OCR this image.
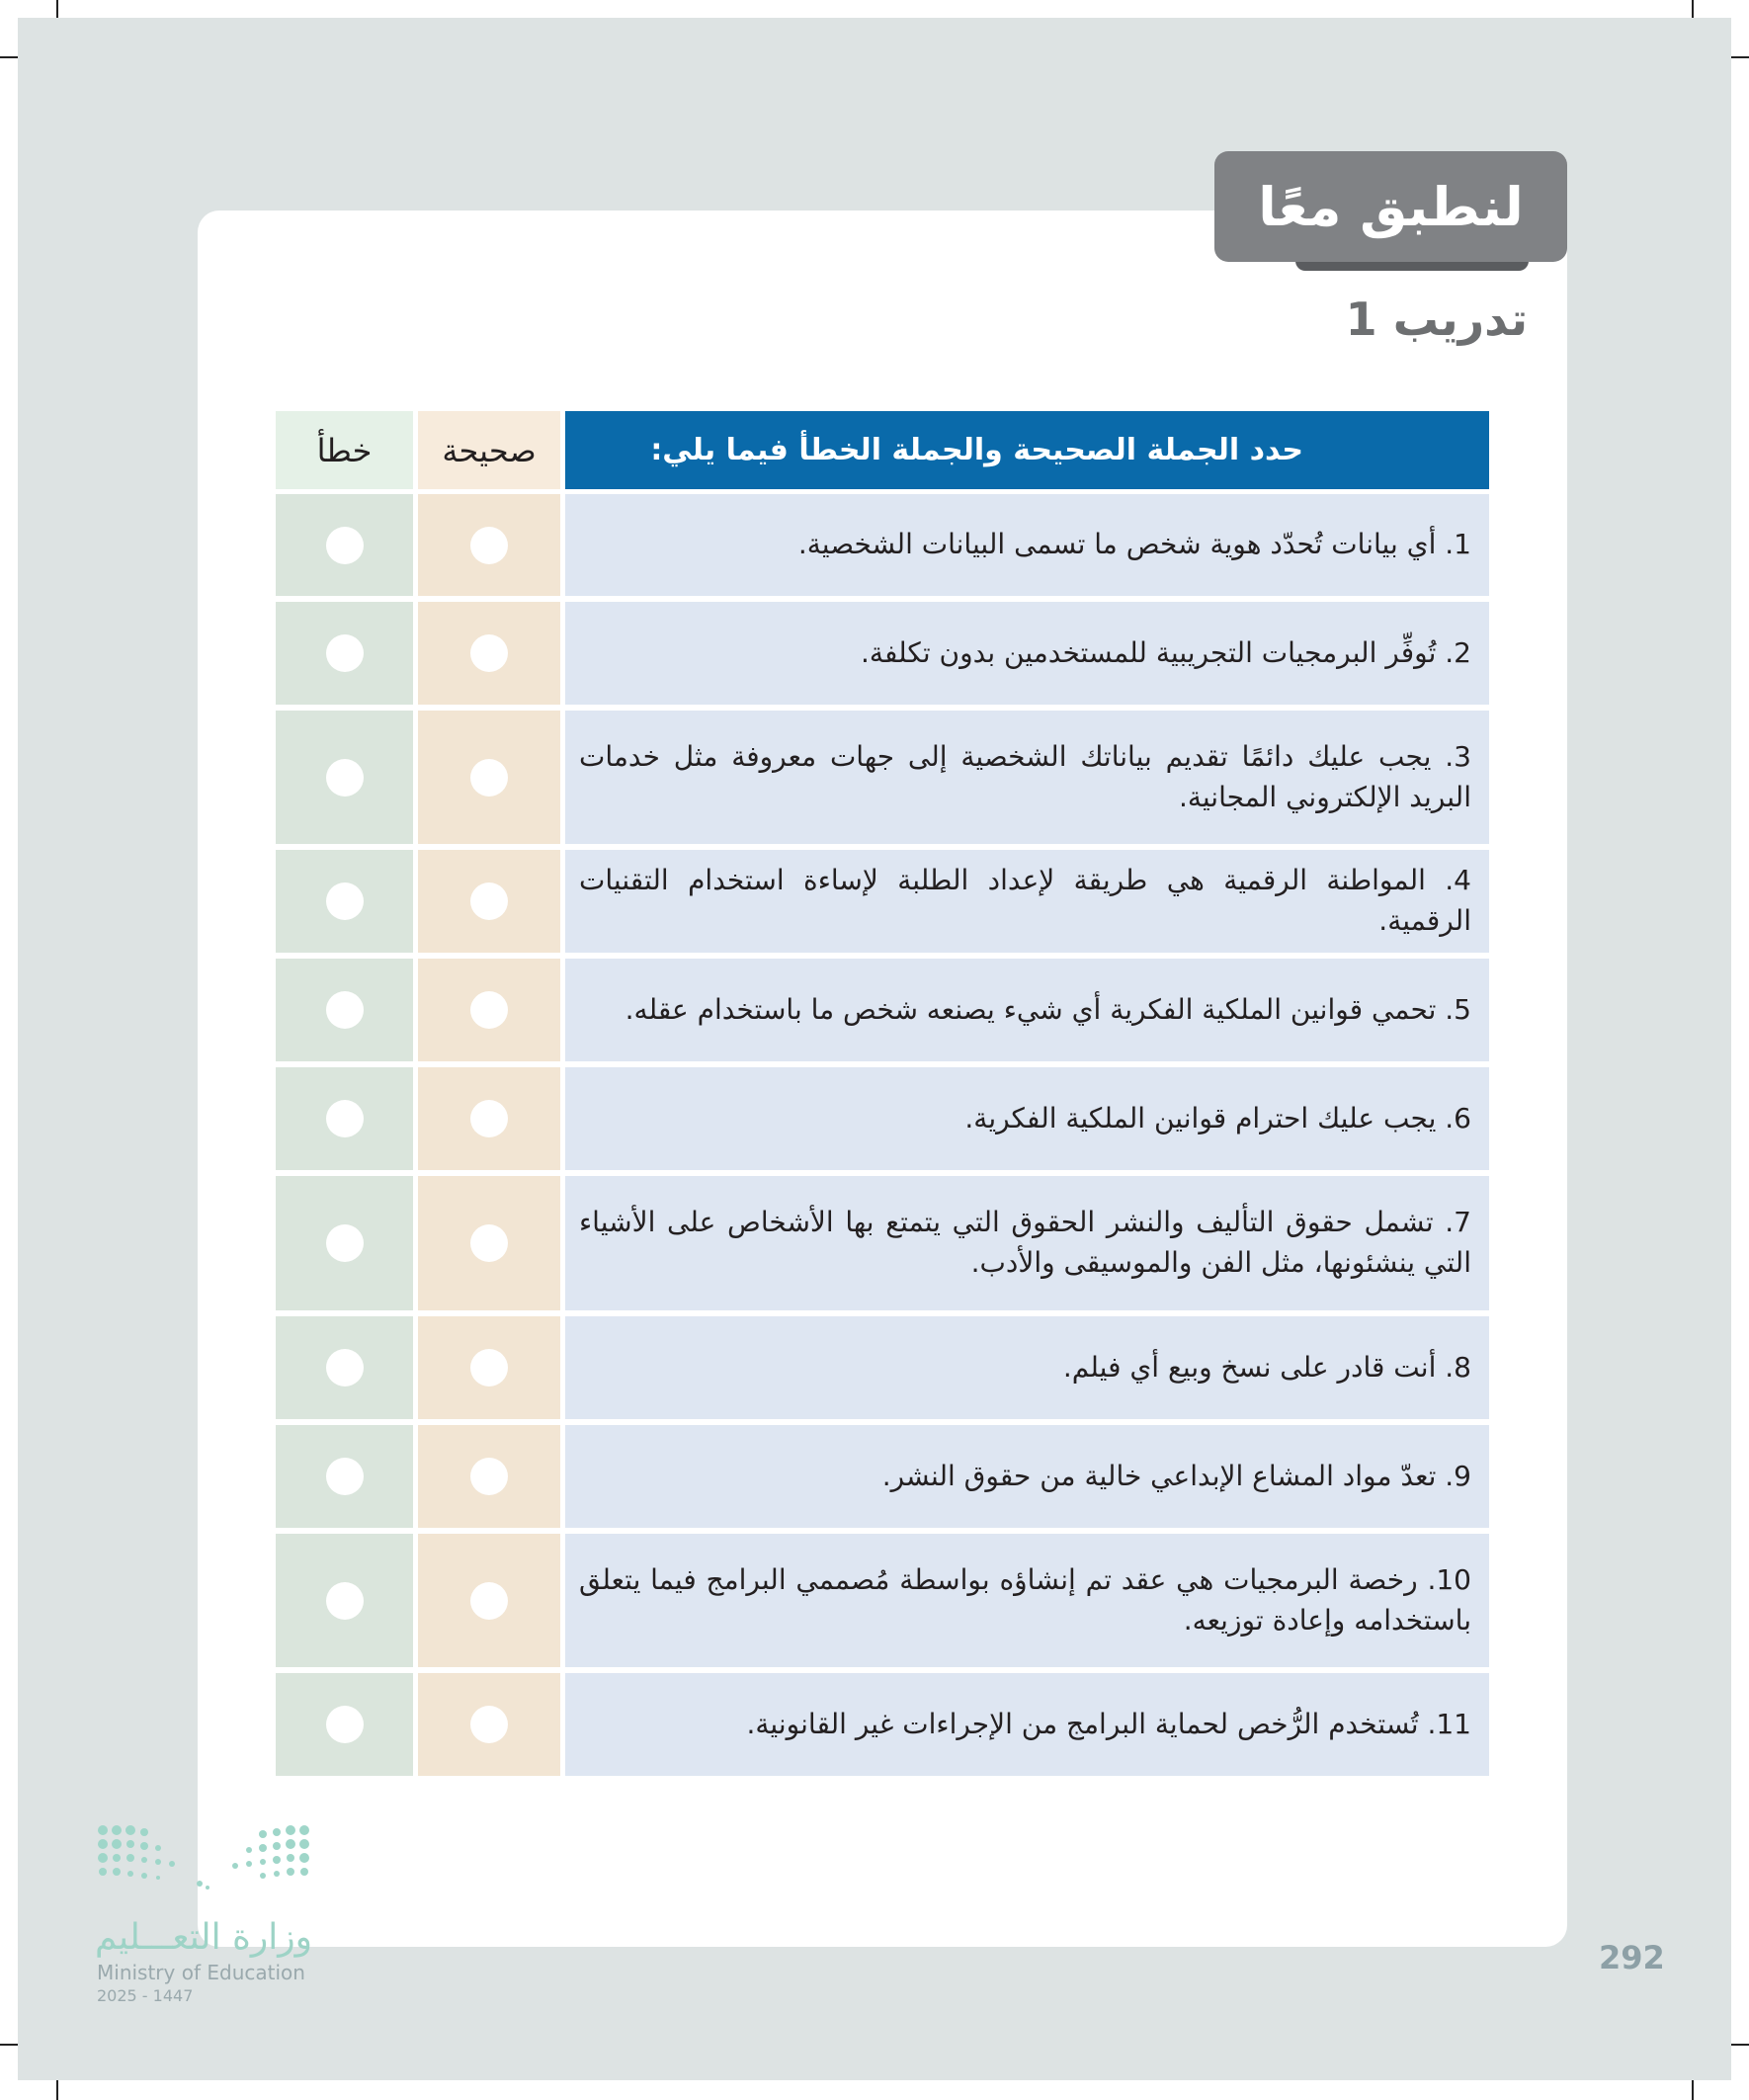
لنطبق معًا
تدريب 1
حدد الجملة الصحيحة والجملة الخطأ فيما يلي:
صحيحة
خطأ
1. أي بيانات تُحدّد هوية شخص ما تسمى البيانات الشخصية.
2. تُوفِّر البرمجيات التجريبية للمستخدمين بدون تكلفة.
3. يجب عليك دائمًا تقديم بياناتك الشخصية إلى جهات معروفة مثل خدمات البريد الإلكتروني المجانية.
4. المواطنة الرقمية هي طريقة لإعداد الطلبة لإساءة استخدام التقنيات الرقمية.
5. تحمي قوانين الملكية الفكرية أي شيء يصنعه شخص ما باستخدام عقله.
6. يجب عليك احترام قوانين الملكية الفكرية.
7. تشمل حقوق التأليف والنشر الحقوق التي يتمتع بها الأشخاص على الأشياء التي ينشئونها، مثل الفن والموسيقى والأدب.
8. أنت قادر على نسخ وبيع أي فيلم.
9. تعدّ مواد المشاع الإبداعي خالية من حقوق النشر.
10. رخصة البرمجيات هي عقد تم إنشاؤه بواسطة مُصممي البرامج فيما يتعلق باستخدامه وإعادة توزيعه.
11. تُستخدم الرُّخص لحماية البرامج من الإجراءات غير القانونية.
وزارة التعـــليم
Ministry of Education
2025 - 1447
292
